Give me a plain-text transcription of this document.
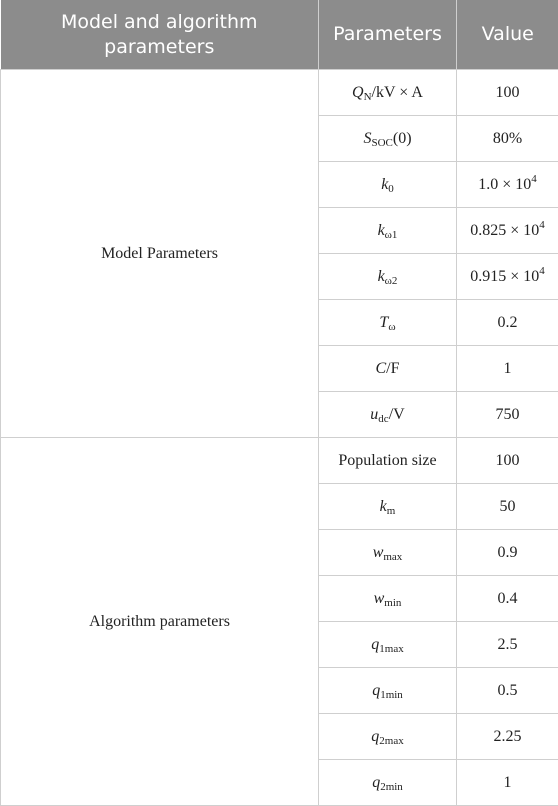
Model and algorithm parameters	Parameters	Value
Model Parameters	$Q_N/kV \times A$	100
	$S_{SOC}(0)$	80%
	$k_0$	$1.0 \times 10^4$
	$k_{\omega 1}$	$0.825 \times 10^4$
	$k_{\omega 2}$	$0.915 \times 10^4$
	$T_\omega$	0.2
	C/F	1
	$u_{dc}/V$	750
Algorithm parameters	Population size	100
	$k_m$	50
	$w_{max}$	0.9
	$w_{min}$	0.4
	$q_{1max}$	2.5
	$q_{1min}$	0.5
	$q_{2max}$	2.25
	$q_{2min}$	1
